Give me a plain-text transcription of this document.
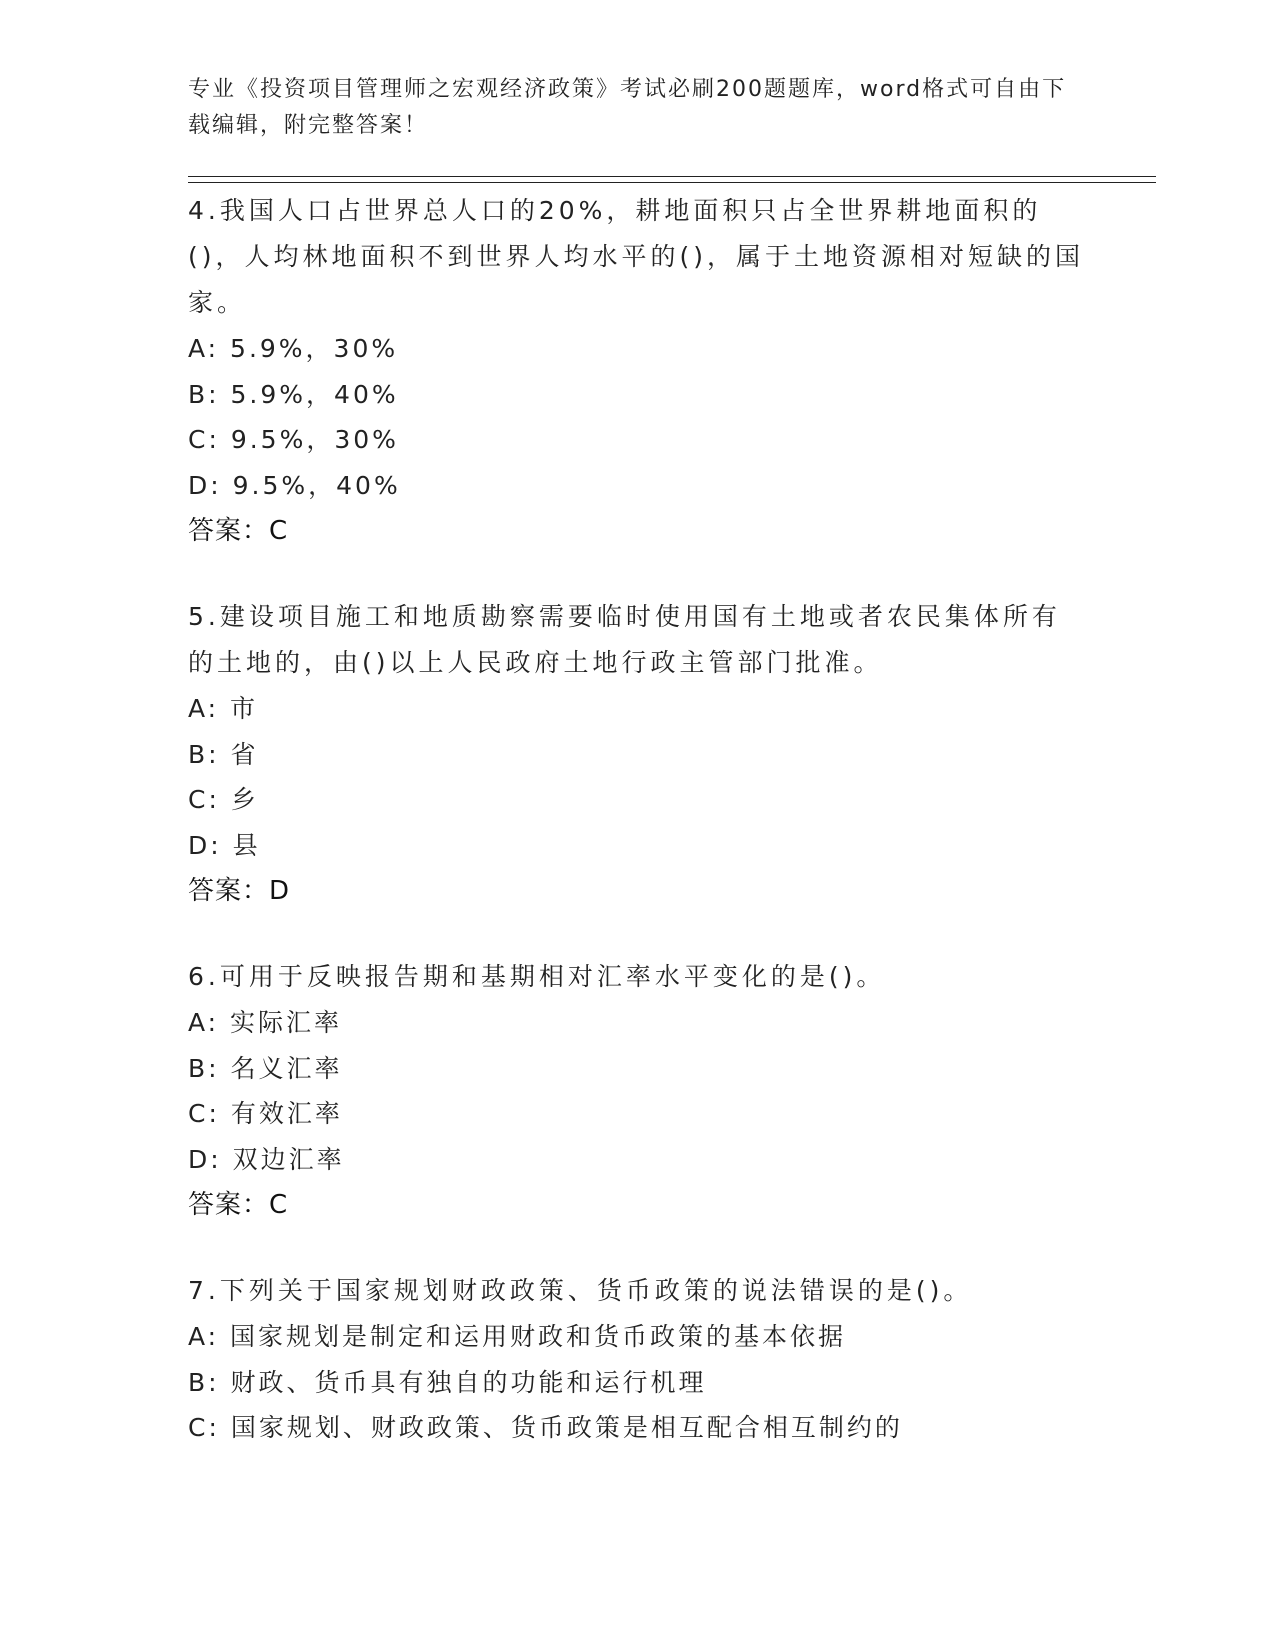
专业《投资项目管理师之宏观经济政策》考试必刷200题题库，word格式可自由下载编辑，附完整答案！

4.我国人口占世界总人口的20%，耕地面积只占全世界耕地面积的()，人均林地面积不到世界人均水平的()，属于土地资源相对短缺的国家。

A: 5.9%，30%

B: 5.9%，40%

C: 9.5%，30%

D: 9.5%，40%

答案：C

5.建设项目施工和地质勘察需要临时使用国有土地或者农民集体所有的土地的，由()以上人民政府土地行政主管部门批准。

A: 市

B: 省

C: 乡

D: 县

答案：D

6.可用于反映报告期和基期相对汇率水平变化的是()。

A: 实际汇率

B: 名义汇率

C: 有效汇率

D: 双边汇率

答案：C

7.下列关于国家规划财政政策、货币政策的说法错误的是()。

A: 国家规划是制定和运用财政和货币政策的基本依据

B: 财政、货币具有独自的功能和运行机理

C: 国家规划、财政政策、货币政策是相互配合相互制约的
